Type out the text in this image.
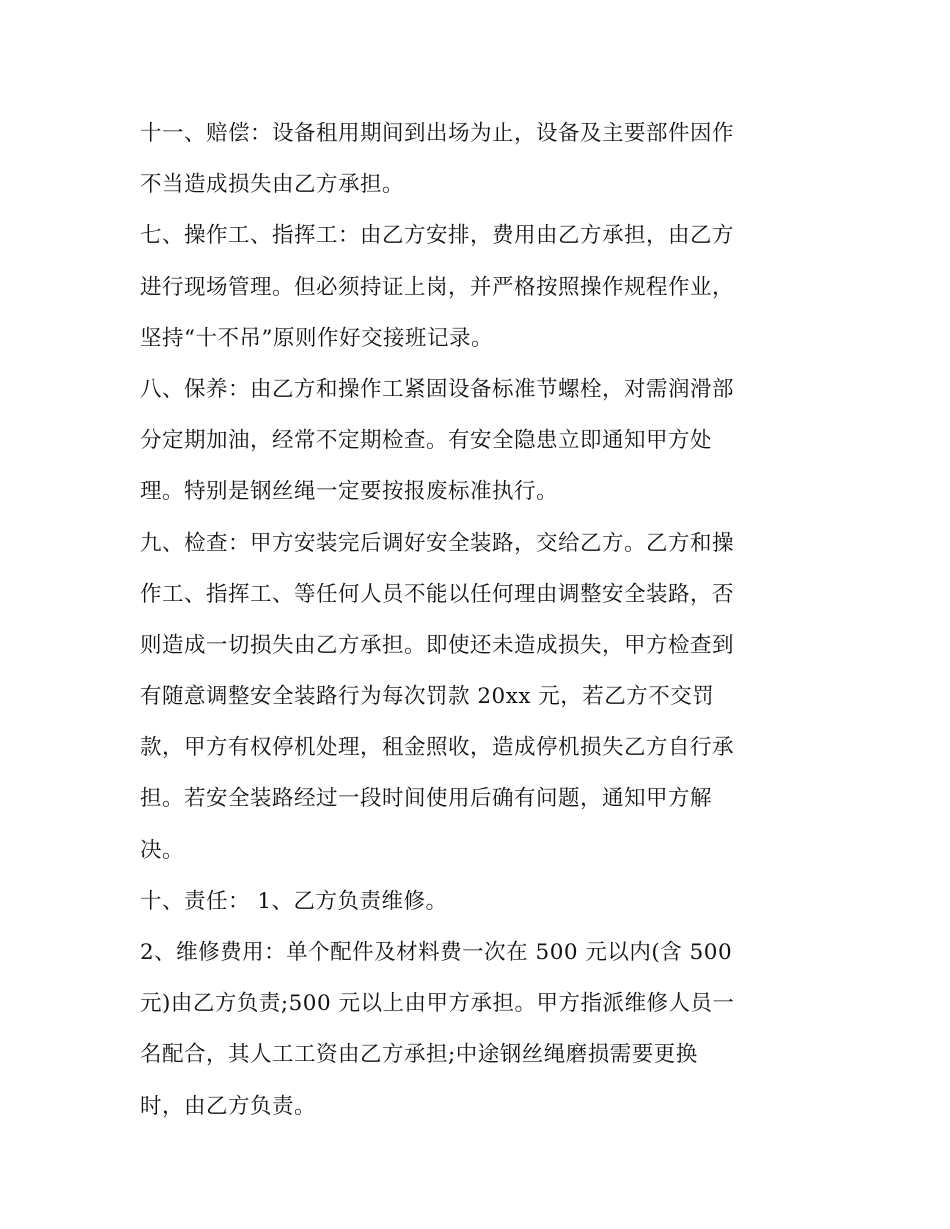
十一、赔偿：设备租用期间到出场为止，设备及主要部件因作
不当造成损失由乙方承担。
七、操作工、指挥工：由乙方安排，费用由乙方承担，由乙方
进行现场管理。但必须持证上岗，并严格按照操作规程作业，
坚持“十不吊”原则作好交接班记录。
八、保养：由乙方和操作工紧固设备标准节螺栓，对需润滑部
分定期加油，经常不定期检查。有安全隐患立即通知甲方处
理。特别是钢丝绳一定要按报废标准执行。
九、检查：甲方安装完后调好安全装路，交给乙方。乙方和操
作工、指挥工、等任何人员不能以任何理由调整安全装路，否
则造成一切损失由乙方承担。即使还未造成损失，甲方检查到
有随意调整安全装路行为每次罚款 20xx 元，若乙方不交罚
款，甲方有权停机处理，租金照收，造成停机损失乙方自行承
担。若安全装路经过一段时间使用后确有问题，通知甲方解
决。
十、责任： 1、乙方负责维修。
2、维修费用：单个配件及材料费一次在 500 元以内(含 500
元)由乙方负责;500 元以上由甲方承担。甲方指派维修人员一
名配合，其人工工资由乙方承担;中途钢丝绳磨损需要更换
时，由乙方负责。
